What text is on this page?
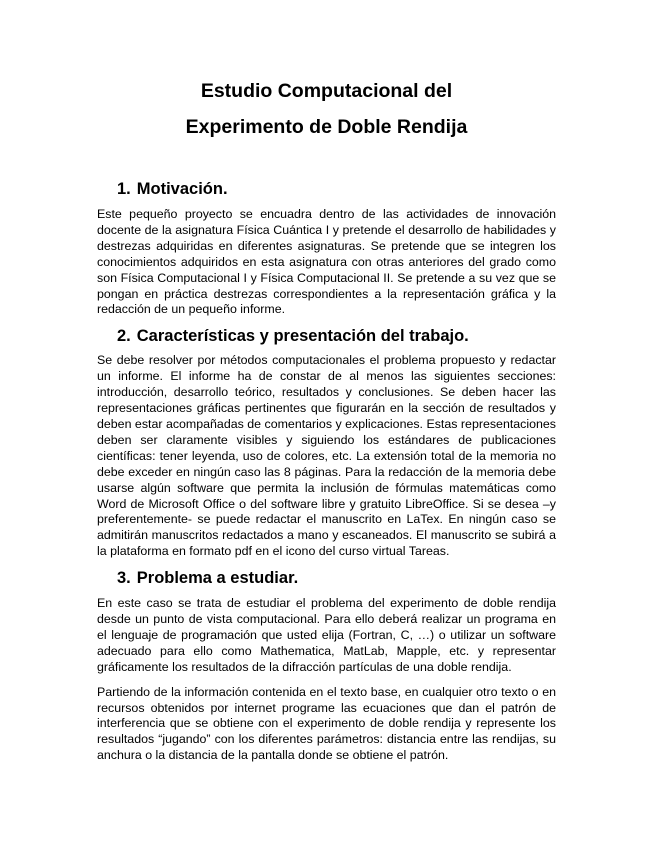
Estudio Computacional del
Experimento de Doble Rendija
1. Motivación.

Este pequeño proyecto se encuadra dentro de las actividades de innovación docente de la asignatura Física Cuántica I y pretende el desarrollo de habilidades y destrezas adquiridas en diferentes asignaturas. Se pretende que se integren los conocimientos adquiridos en esta asignatura con otras anteriores del grado como son Física Computacional I y Física Computacional II. Se pretende a su vez que se pongan en práctica destrezas correspondientes a la representación gráfica y la redacción de un pequeño informe.

2. Características y presentación del trabajo.

Se debe resolver por métodos computacionales el problema propuesto y redactar un informe. El informe ha de constar de al menos las siguientes secciones: introducción, desarrollo teórico, resultados y conclusiones. Se deben hacer las representaciones gráficas pertinentes que figurarán en la sección de resultados y deben estar acompañadas de comentarios y explicaciones. Estas representaciones deben ser claramente visibles y siguiendo los estándares de publicaciones científicas: tener leyenda, uso de colores, etc. La extensión total de la memoria no debe exceder en ningún caso las 8 páginas. Para la redacción de la memoria debe usarse algún software que permita la inclusión de fórmulas matemáticas como Word de Microsoft Office o del software libre y gratuito LibreOffice. Si se desea –y preferentemente- se puede redactar el manuscrito en LaTex. En ningún caso se admitirán manuscritos redactados a mano y escaneados. El manuscrito se subirá a la plataforma en formato pdf en el icono del curso virtual Tareas.

3. Problema a estudiar.

En este caso se trata de estudiar el problema del experimento de doble rendija desde un punto de vista computacional. Para ello deberá realizar un programa en el lenguaje de programación que usted elija (Fortran, C, …) o utilizar un software adecuado para ello como Mathematica, MatLab, Mapple, etc. y representar gráficamente los resultados de la difracción partículas de una doble rendija.

Partiendo de la información contenida en el texto base, en cualquier otro texto o en recursos obtenidos por internet programe las ecuaciones que dan el patrón de interferencia que se obtiene con el experimento de doble rendija y represente los resultados “jugando” con los diferentes parámetros: distancia entre las rendijas, su anchura o la distancia de la pantalla donde se obtiene el patrón.
